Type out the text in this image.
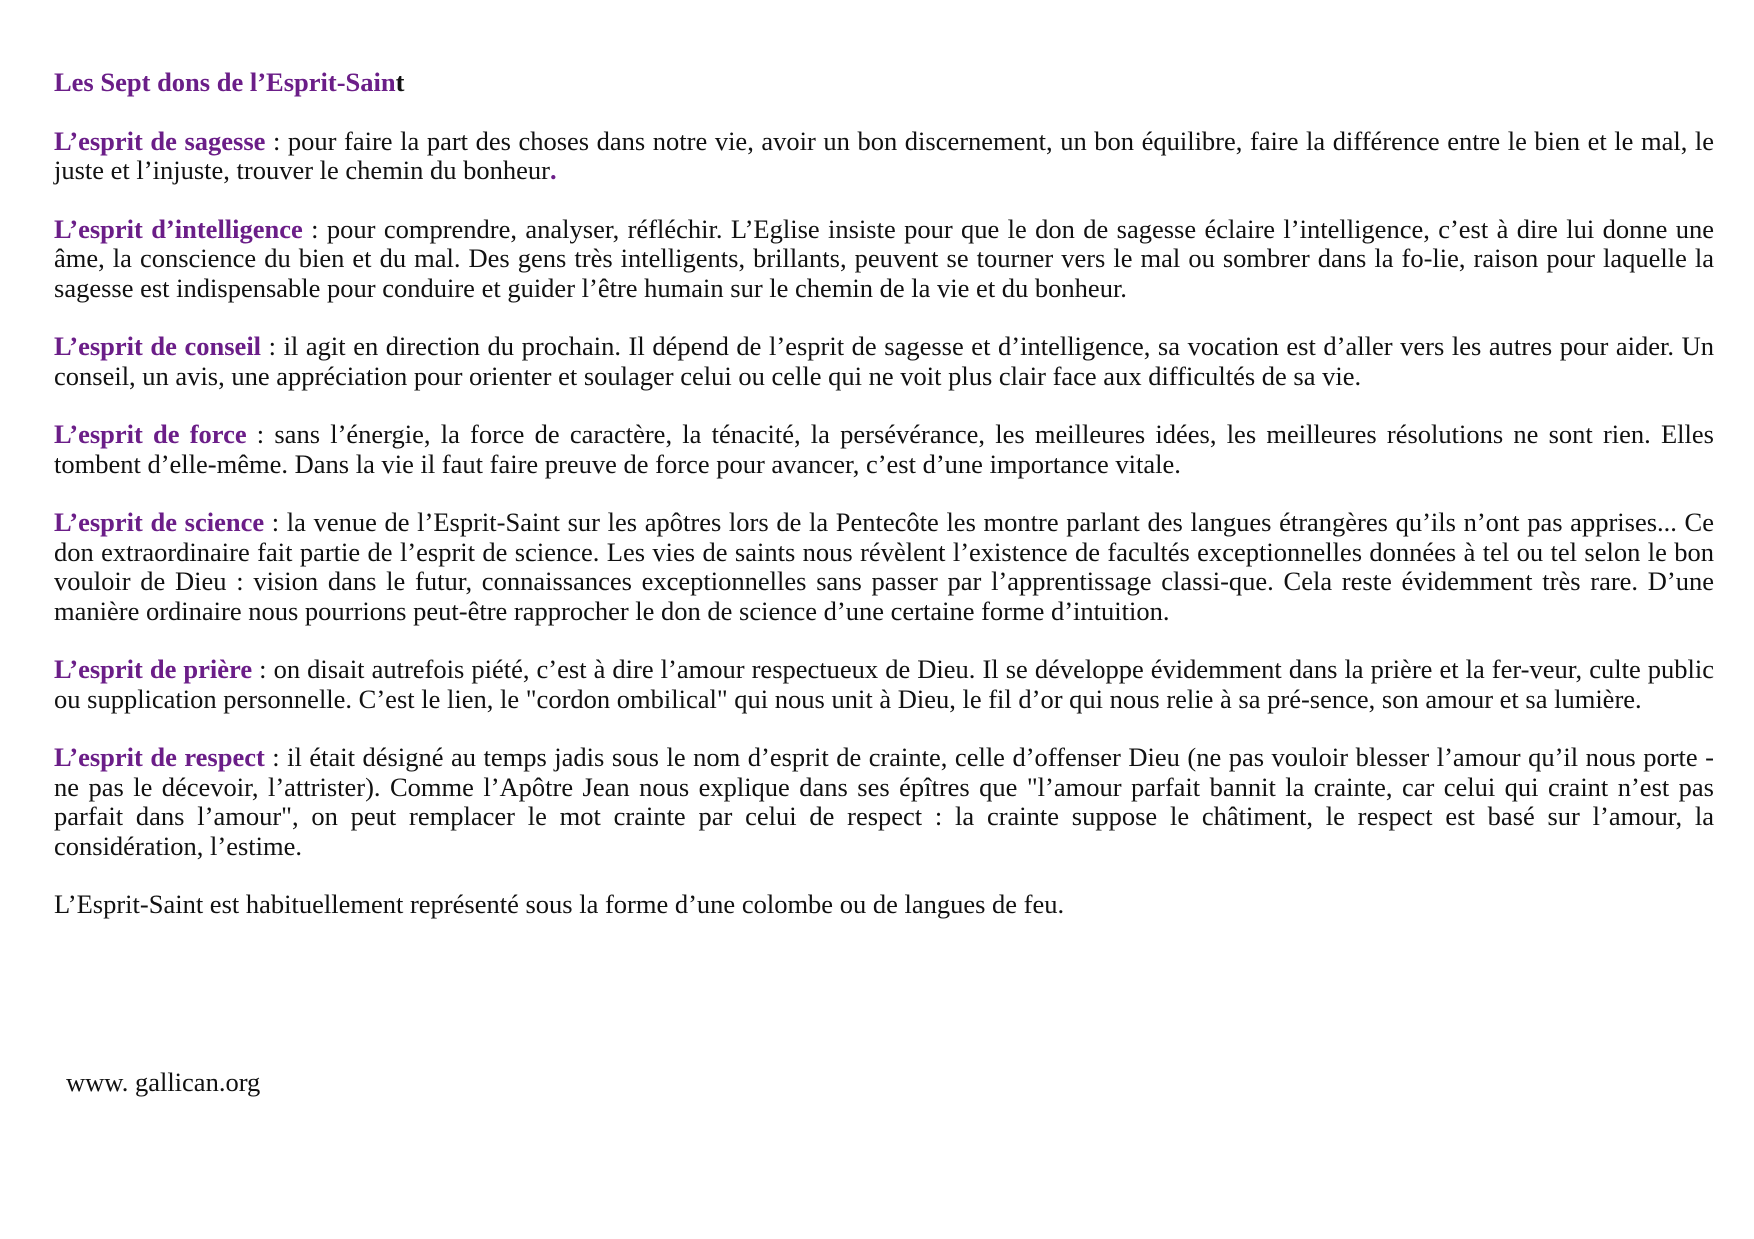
Les Sept dons de l’Esprit-Saint

L’esprit de sagesse : pour faire la part des choses dans notre vie, avoir un bon discernement, un bon équilibre, faire la différence entre le bien et le mal, le juste et l’injuste, trouver le chemin du bonheur.

L’esprit d’intelligence : pour comprendre, analyser, réfléchir. L’Eglise insiste pour que le don de sagesse éclaire l’intelligence, c’est à dire lui donne une âme, la conscience du bien et du mal. Des gens très intelligents, brillants, peuvent se tourner vers le mal ou sombrer dans la fo-lie, raison pour laquelle la sagesse est indispensable pour conduire et guider l’être humain sur le chemin de la vie et du bonheur.

L’esprit de conseil : il agit en direction du prochain. Il dépend de l’esprit de sagesse et d’intelligence, sa vocation est d’aller vers les autres pour aider. Un conseil, un avis, une appréciation pour orienter et soulager celui ou celle qui ne voit plus clair face aux difficultés de sa vie.

L’esprit de force : sans l’énergie, la force de caractère, la ténacité, la persévérance, les meilleures idées, les meilleures résolutions ne sont rien. Elles tombent d’elle-même. Dans la vie il faut faire preuve de force pour avancer, c’est d’une importance vitale.

L’esprit de science : la venue de l’Esprit-Saint sur les apôtres lors de la Pentecôte les montre parlant des langues étrangères qu’ils n’ont pas apprises... Ce don extraordinaire fait partie de l’esprit de science. Les vies de saints nous révèlent l’existence de facultés exceptionnelles données à tel ou tel selon le bon vouloir de Dieu : vision dans le futur, connaissances exceptionnelles sans passer par l’apprentissage classi-que. Cela reste évidemment très rare. D’une manière ordinaire nous pourrions peut-être rapprocher le don de science d’une certaine forme d’intuition.

L’esprit de prière : on disait autrefois piété, c’est à dire l’amour respectueux de Dieu. Il se développe évidemment dans la prière et la fer-veur, culte public ou supplication personnelle. C’est le lien, le "cordon ombilical" qui nous unit à Dieu, le fil d’or qui nous relie à sa pré-sence, son amour et sa lumière.

L’esprit de respect : il était désigné au temps jadis sous le nom d’esprit de crainte, celle d’offenser Dieu (ne pas vouloir blesser l’amour qu’il nous porte - ne pas le décevoir, l’attrister). Comme l’Apôtre Jean nous explique dans ses épîtres que "l’amour parfait bannit la crainte, car celui qui craint n’est pas parfait dans l’amour", on peut remplacer le mot crainte par celui de respect : la crainte suppose le châtiment, le respect est basé sur l’amour, la considération, l’estime.

L’Esprit-Saint est habituellement représenté sous la forme d’une colombe ou de langues de feu.

www. gallican.org
